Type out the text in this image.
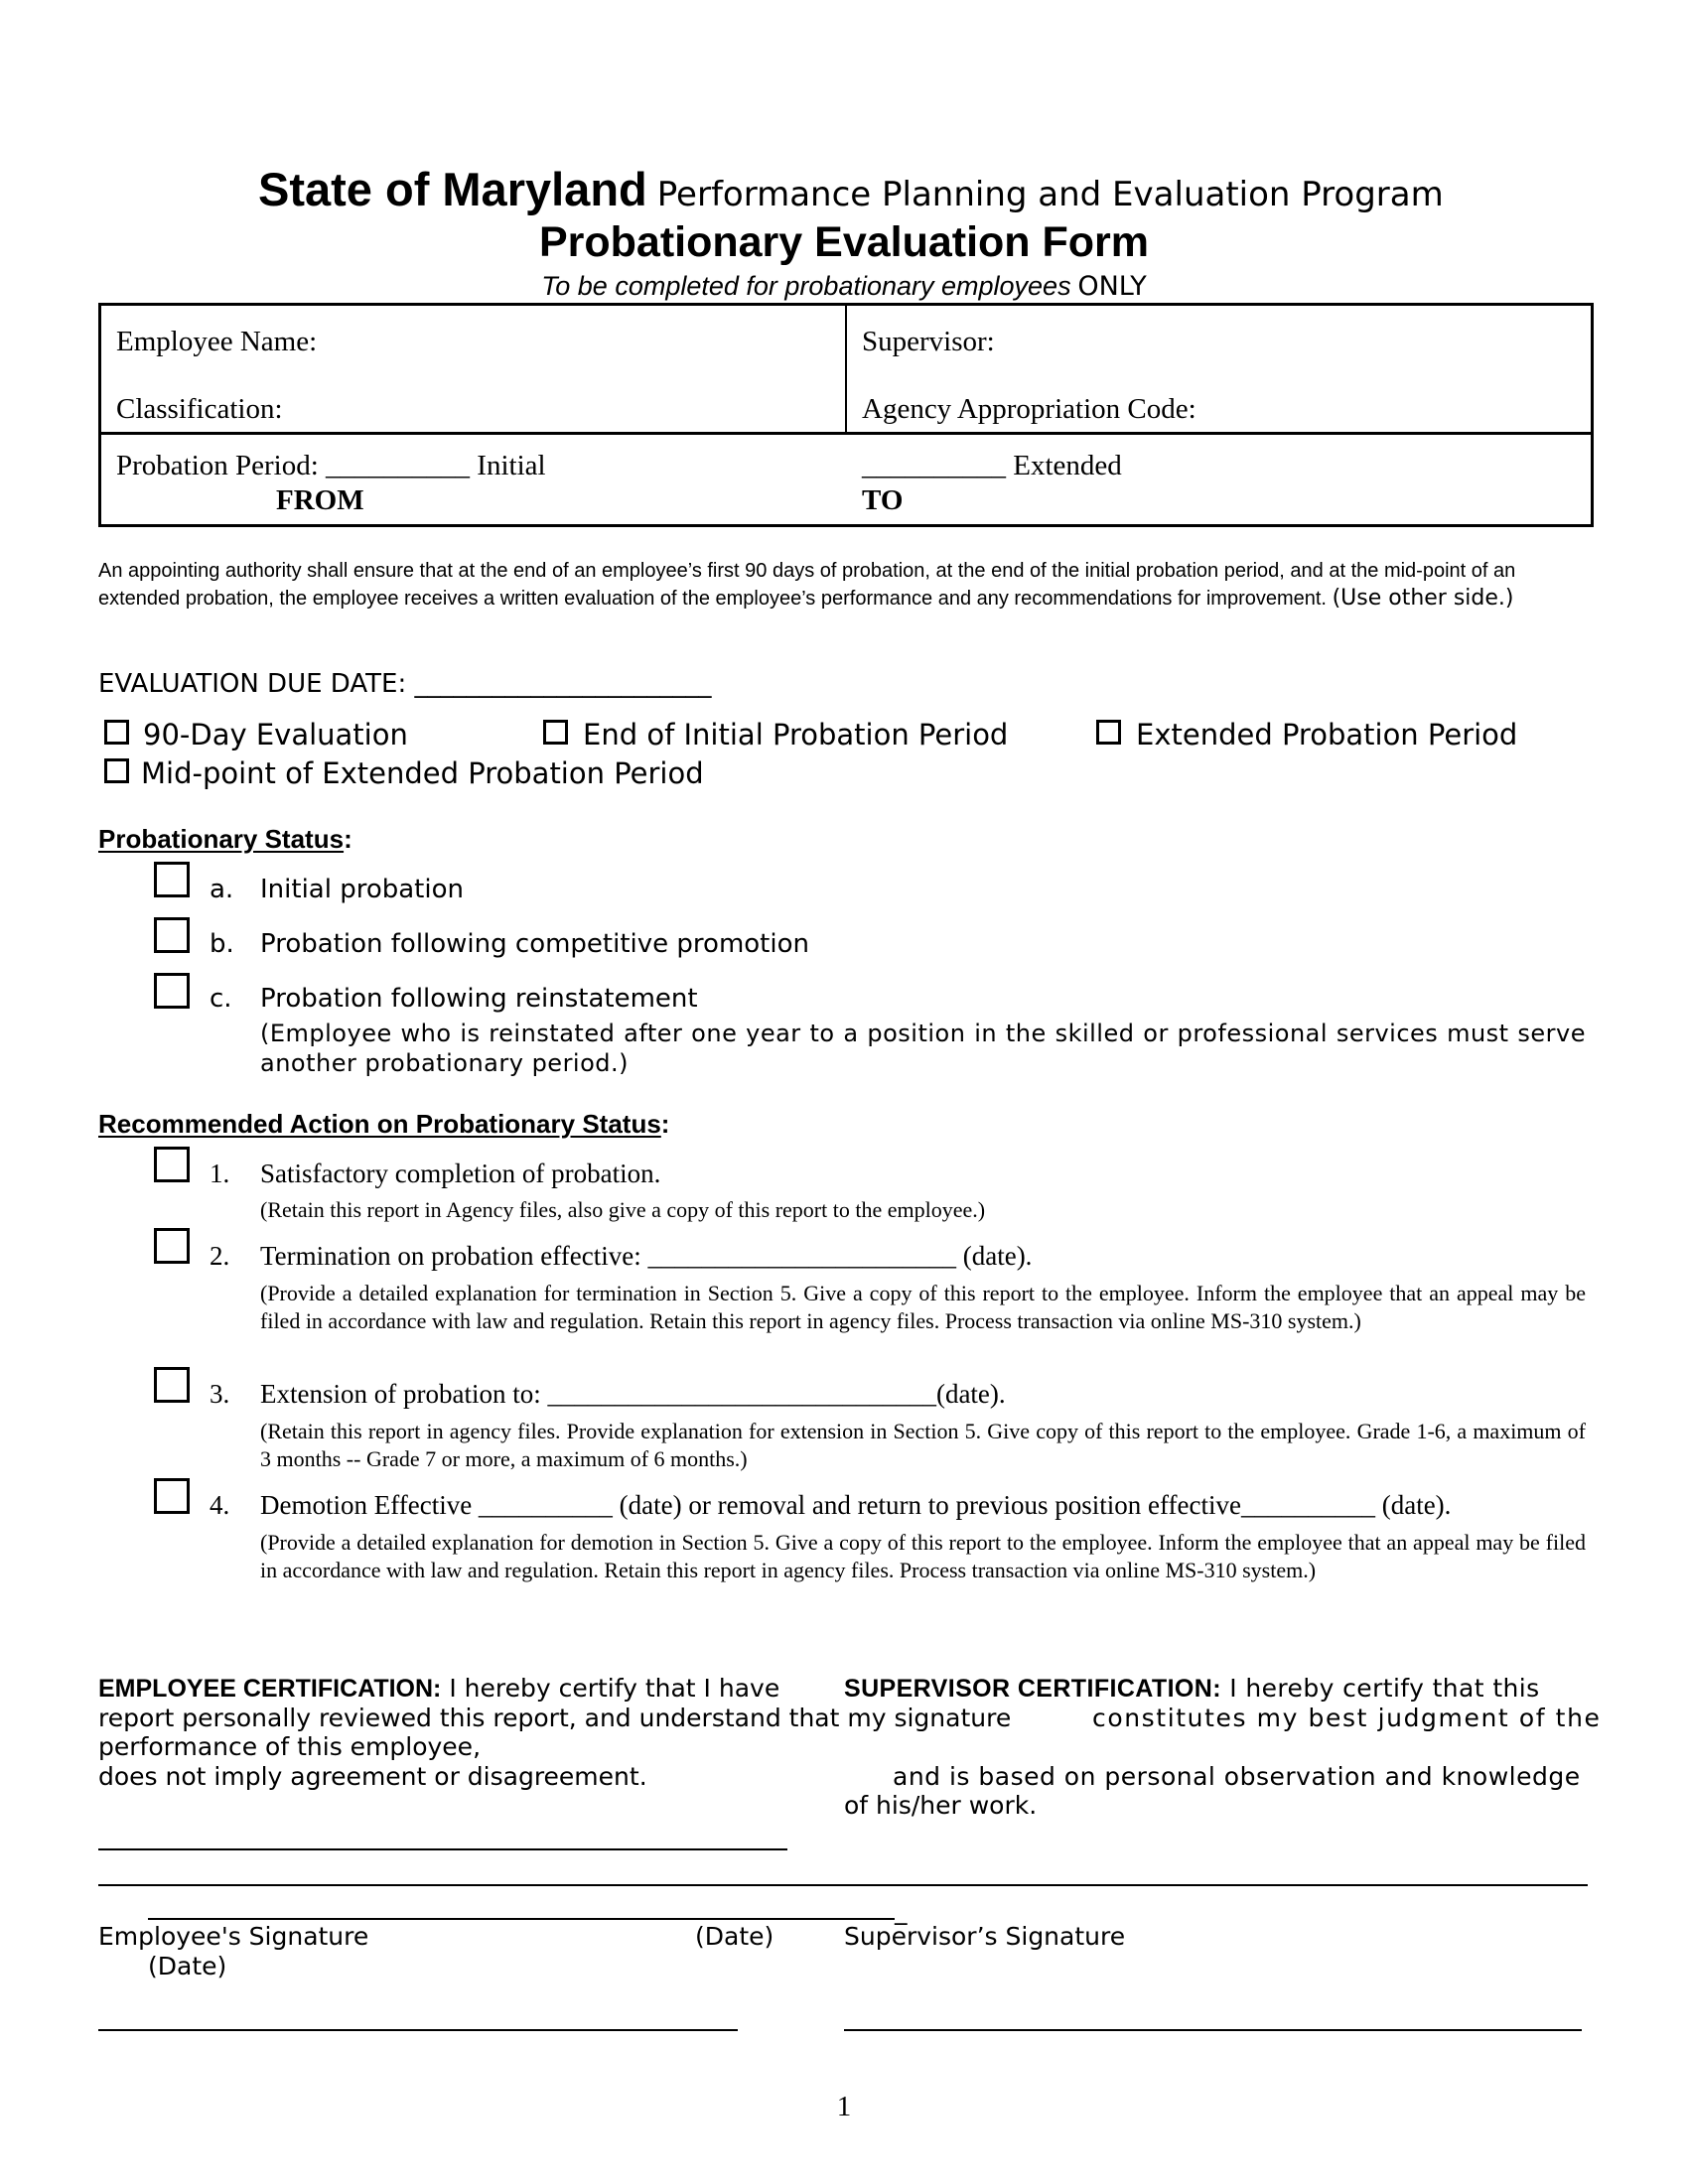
State of Maryland Performance Planning and Evaluation Program
Probationary Evaluation Form
To be completed for probationary employees ONLY
Employee Name:	Supervisor:
Classification:	Agency Appropriation Code:
Probation Period: __________ Initial	__________ Extended
FROM	TO
An appointing authority shall ensure that at the end of an employee’s first 90 days of probation, at the end of the initial probation period, and at the mid-point of an extended probation, the employee receives a written evaluation of the employee’s performance and any recommendations for improvement. (Use other side.)
EVALUATION DUE DATE: _______________________
90-Day Evaluation	End of Initial Probation Period	Extended Probation Period
Mid-point of Extended Probation Period
Probationary Status:
a. Initial probation
b. Probation following competitive promotion
c. Probation following reinstatement
(Employee who is reinstated after one year to a position in the skilled or professional services must serve another probationary period.)
Recommended Action on Probationary Status:
1. Satisfactory completion of probation.
(Retain this report in Agency files, also give a copy of this report to the employee.)
2. Termination on probation effective: _______________________ (date).
(Provide a detailed explanation for termination in Section 5. Give a copy of this report to the employee. Inform the employee that an appeal may be filed in accordance with law and regulation. Retain this report in agency files. Process transaction via online MS-310 system.)
3. Extension of probation to: _____________________________(date).
(Retain this report in agency files. Provide explanation for extension in Section 5. Give copy of this report to the employee. Grade 1-6, a maximum of 3 months -- Grade 7 or more, a maximum of 6 months.)
4. Demotion Effective __________ (date) or removal and return to previous position effective__________ (date).
(Provide a detailed explanation for demotion in Section 5. Give a copy of this report to the employee. Inform the employee that an appeal may be filed in accordance with law and regulation. Retain this report in agency files. Process transaction via online MS-310 system.)
EMPLOYEE CERTIFICATION: I hereby certify that I have	SUPERVISOR CERTIFICATION: I hereby certify that this
report personally reviewed this report, and understand that my signature	constitutes my best judgment of the
performance of this employee,
does not imply agreement or disagreement.	and is based on personal observation and knowledge
of his/her work.
_
Employee's Signature	(Date)	Supervisor’s Signature
(Date)
1
